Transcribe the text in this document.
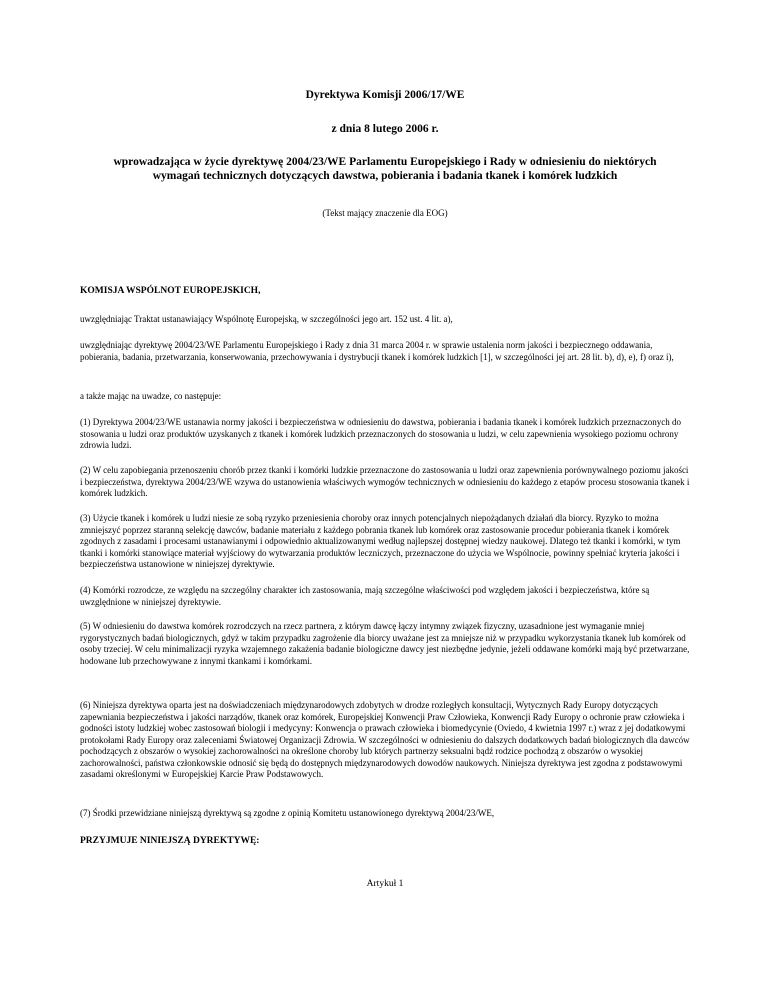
Dyrektywa Komisji 2006/17/WE

z dnia 8 lutego 2006 r.

wprowadzająca w życie dyrektywę 2004/23/WE Parlamentu Europejskiego i Rady w odniesieniu do niektórych wymagań technicznych dotyczących dawstwa, pobierania i badania tkanek i komórek ludzkich

(Tekst mający znaczenie dla EOG)

KOMISJA WSPÓLNOT EUROPEJSKICH,

uwzględniając Traktat ustanawiający Wspólnotę Europejską, w szczególności jego art. 152 ust. 4 lit. a),

uwzględniając dyrektywę 2004/23/WE Parlamentu Europejskiego i Rady z dnia 31 marca 2004 r. w sprawie ustalenia norm jakości i bezpiecznego oddawania, pobierania, badania, przetwarzania, konserwowania, przechowywania i dystrybucji tkanek i komórek ludzkich [1], w szczególności jej art. 28 lit. b), d), e), f) oraz i),

a także mając na uwadze, co następuje:

(1) Dyrektywa 2004/23/WE ustanawia normy jakości i bezpieczeństwa w odniesieniu do dawstwa, pobierania i badania tkanek i komórek ludzkich przeznaczonych do stosowania u ludzi oraz produktów uzyskanych z tkanek i komórek ludzkich przeznaczonych do stosowania u ludzi, w celu zapewnienia wysokiego poziomu ochrony zdrowia ludzi.

(2) W celu zapobiegania przenoszeniu chorób przez tkanki i komórki ludzkie przeznaczone do zastosowania u ludzi oraz zapewnienia porównywalnego poziomu jakości i bezpieczeństwa, dyrektywa 2004/23/WE wzywa do ustanowienia właściwych wymogów technicznych w odniesieniu do każdego z etapów procesu stosowania tkanek i komórek ludzkich.

(3) Użycie tkanek i komórek u ludzi niesie ze sobą ryzyko przeniesienia choroby oraz innych potencjalnych niepożądanych działań dla biorcy. Ryzyko to można zmniejszyć poprzez staranną selekcję dawców, badanie materiału z każdego pobrania tkanek lub komórek oraz zastosowanie procedur pobierania tkanek i komórek zgodnych z zasadami i procesami ustanawianymi i odpowiednio aktualizowanymi według najlepszej dostępnej wiedzy naukowej. Dlatego też tkanki i komórki, w tym tkanki i komórki stanowiące materiał wyjściowy do wytwarzania produktów leczniczych, przeznaczone do użycia we Wspólnocie, powinny spełniać kryteria jakości i bezpieczeństwa ustanowione w niniejszej dyrektywie.

(4) Komórki rozrodcze, ze względu na szczególny charakter ich zastosowania, mają szczególne właściwości pod względem jakości i bezpieczeństwa, które są uwzględnione w niniejszej dyrektywie.

(5) W odniesieniu do dawstwa komórek rozrodczych na rzecz partnera, z którym dawcę łączy intymny związek fizyczny, uzasadnione jest wymaganie mniej rygorystycznych badań biologicznych, gdyż w takim przypadku zagrożenie dla biorcy uważane jest za mniejsze niż w przypadku wykorzystania tkanek lub komórek od osoby trzeciej. W celu minimalizacji ryzyka wzajemnego zakażenia badanie biologiczne dawcy jest niezbędne jedynie, jeżeli oddawane komórki mają być przetwarzane, hodowane lub przechowywane z innymi tkankami i komórkami.

(6) Niniejsza dyrektywa oparta jest na doświadczeniach międzynarodowych zdobytych w drodze rozległych konsultacji, Wytycznych Rady Europy dotyczących zapewniania bezpieczeństwa i jakości narządów, tkanek oraz komórek, Europejskiej Konwencji Praw Człowieka, Konwencji Rady Europy o ochronie praw człowieka i godności istoty ludzkiej wobec zastosowań biologii i medycyny: Konwencja o prawach człowieka i biomedycynie (Oviedo, 4 kwietnia 1997 r.) wraz z jej dodatkowymi protokołami Rady Europy oraz zaleceniami Światowej Organizacji Zdrowia. W szczególności w odniesieniu do dalszych dodatkowych badań biologicznych dla dawców pochodzących z obszarów o wysokiej zachorowalności na określone choroby lub których partnerzy seksualni bądź rodzice pochodzą z obszarów o wysokiej zachorowalności, państwa członkowskie odnosić się będą do dostępnych międzynarodowych dowodów naukowych. Niniejsza dyrektywa jest zgodna z podstawowymi zasadami określonymi w Europejskiej Karcie Praw Podstawowych.

(7) Środki przewidziane niniejszą dyrektywą są zgodne z opinią Komitetu ustanowionego dyrektywą 2004/23/WE,

PRZYJMUJE NINIEJSZĄ DYREKTYWĘ:

Artykuł 1
